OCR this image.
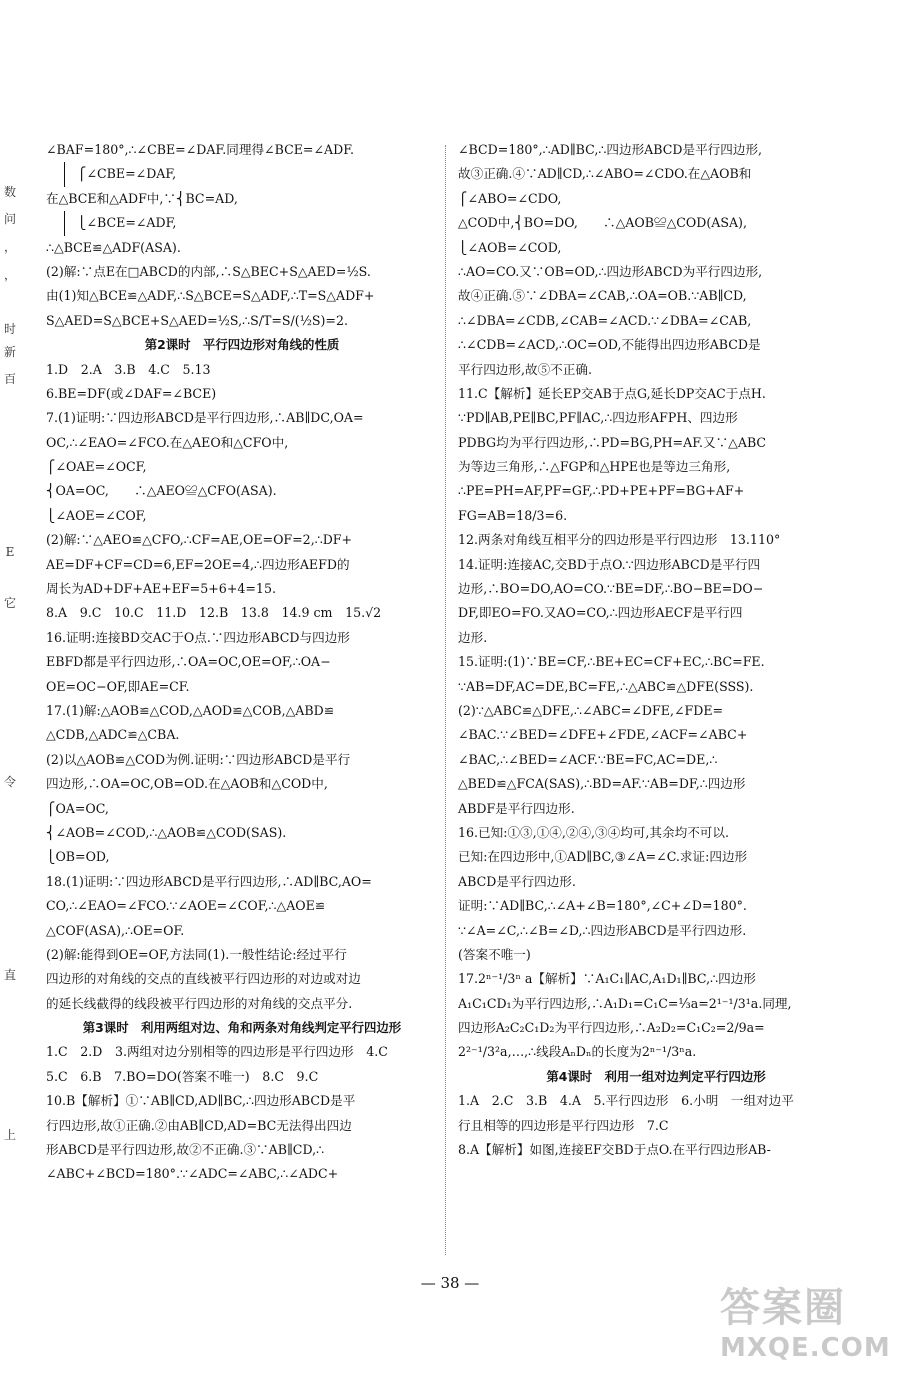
∠BAF=180°,∴∠CBE=∠DAF.同理得∠BCE=∠ADF.
⎧∠CBE=∠DAF,
在△BCE和△ADF中,∵⎨BC=AD,
⎩∠BCE=∠ADF,
∴△BCE≌△ADF(ASA).
(2)解:∵点E在□ABCD的内部,∴S△BEC+S△AED=½S.
由(1)知△BCE≌△ADF,∴S△BCE=S△ADF,∴T=S△ADF+
S△AED=S△BCE+S△AED=½S,∴S/T=S/(½S)=2.
第2课时　平行四边形对角线的性质
1.D　2.A　3.B　4.C　5.13
6.BE=DF(或∠DAF=∠BCE)
7.(1)证明:∵四边形ABCD是平行四边形,∴AB∥DC,OA=
OC,∴∠EAO=∠FCO.在△AEO和△CFO中,
⎧∠OAE=∠OCF,
⎨OA=OC,　　∴△AEO≌△CFO(ASA).
⎩∠AOE=∠COF,
(2)解:∵△AEO≌△CFO,∴CF=AE,OE=OF=2,∴DF+
AE=DF+CF=CD=6,EF=2OE=4,∴四边形AEFD的
周长为AD+DF+AE+EF=5+6+4=15.
8.A　9.C　10.C　11.D　12.B　13.8　14.9 cm　15.√2
16.证明:连接BD交AC于O点.∵四边形ABCD与四边形
EBFD都是平行四边形,∴OA=OC,OE=OF,∴OA−
OE=OC−OF,即AE=CF.
17.(1)解:△AOB≌△COD,△AOD≌△COB,△ABD≌
△CDB,△ADC≌△CBA.
(2)以△AOB≌△COD为例.证明:∵四边形ABCD是平行
四边形,∴OA=OC,OB=OD.在△AOB和△COD中,
⎧OA=OC,
⎨∠AOB=∠COD,∴△AOB≌△COD(SAS).
⎩OB=OD,
18.(1)证明:∵四边形ABCD是平行四边形,∴AD∥BC,AO=
CO,∴∠EAO=∠FCO.∵∠AOE=∠COF,∴△AOE≌
△COF(ASA),∴OE=OF.
(2)解:能得到OE=OF,方法同(1).一般性结论:经过平行
四边形的对角线的交点的直线被平行四边形的对边或对边
的延长线截得的线段被平行四边形的对角线的交点平分.
第3课时　利用两组对边、角和两条对角线判定平行四边形
1.C　2.D　3.两组对边分别相等的四边形是平行四边形　4.C
5.C　6.B　7.BO=DO(答案不唯一)　8.C　9.C
10.B【解析】①∵AB∥CD,AD∥BC,∴四边形ABCD是平
行四边形,故①正确.②由AB∥CD,AD=BC无法得出四边
形ABCD是平行四边形,故②不正确.③∵AB∥CD,∴
∠ABC+∠BCD=180°.∵∠ADC=∠ABC,∴∠ADC+
∠BCD=180°,∴AD∥BC,∴四边形ABCD是平行四边形,
故③正确.④∵AD∥CD,∴∠ABO=∠CDO.在△AOB和
⎧∠ABO=∠CDO,
△COD中,⎨BO=DO,　　∴△AOB≌△COD(ASA),
⎩∠AOB=∠COD,
∴AO=CO.又∵OB=OD,∴四边形ABCD为平行四边形,
故④正确.⑤∵∠DBA=∠CAB,∴OA=OB.∵AB∥CD,
∴∠DBA=∠CDB,∠CAB=∠ACD.∵∠DBA=∠CAB,
∴∠CDB=∠ACD,∴OC=OD,不能得出四边形ABCD是
平行四边形,故⑤不正确.
11.C【解析】延长EP交AB于点G,延长DP交AC于点H.
∵PD∥AB,PE∥BC,PF∥AC,∴四边形AFPH、四边形
PDBG均为平行四边形,∴PD=BG,PH=AF.又∵△ABC
为等边三角形,∴△FGP和△HPE也是等边三角形,
∴PE=PH=AF,PF=GF,∴PD+PE+PF=BG+AF+
FG=AB=18/3=6.
12.两条对角线互相平分的四边形是平行四边形　13.110°
14.证明:连接AC,交BD于点O.∵四边形ABCD是平行四
边形,∴BO=DO,AO=CO.∵BE=DF,∴BO−BE=DO−
DF,即EO=FO.又AO=CO,∴四边形AECF是平行四
边形.
15.证明:(1)∵BE=CF,∴BE+EC=CF+EC,∴BC=FE.
∵AB=DF,AC=DE,BC=FE,∴△ABC≌△DFE(SSS).
(2)∵△ABC≌△DFE,∴∠ABC=∠DFE,∠FDE=
∠BAC.∵∠BED=∠DFE+∠FDE,∠ACF=∠ABC+
∠BAC,∴∠BED=∠ACF.∵BE=FC,AC=DE,∴
△BED≌△FCA(SAS),∴BD=AF.∵AB=DF,∴四边形
ABDF是平行四边形.
16.已知:①③,①④,②④,③④均可,其余均不可以.
已知:在四边形中,①AD∥BC,③∠A=∠C.求证:四边形
ABCD是平行四边形.
证明:∵AD∥BC,∴∠A+∠B=180°,∠C+∠D=180°.
∵∠A=∠C,∴∠B=∠D,∴四边形ABCD是平行四边形.
(答案不唯一)
17.2ⁿ⁻¹/3ⁿ a【解析】∵A₁C₁∥AC,A₁D₁∥BC,∴四边形
A₁C₁CD₁为平行四边形,∴A₁D₁=C₁C=⅓a=2¹⁻¹/3¹a.同理,
四边形A₂C₂C₁D₂为平行四边形,∴A₂D₂=C₁C₂=2/9a=
2²⁻¹/3²a,…,∴线段AₙDₙ的长度为2ⁿ⁻¹/3ⁿa.
第4课时　利用一组对边判定平行四边形
1.A　2.C　3.B　4.A　5.平行四边形　6.小明　一组对边平
行且相等的四边形是平行四边形　7.C
8.A【解析】如图,连接EF交BD于点O.在平行四边形AB-
数
问
，
，
时
新
百
E
它
令
直
上
— 38 —
答案圈
MXQE.COM
